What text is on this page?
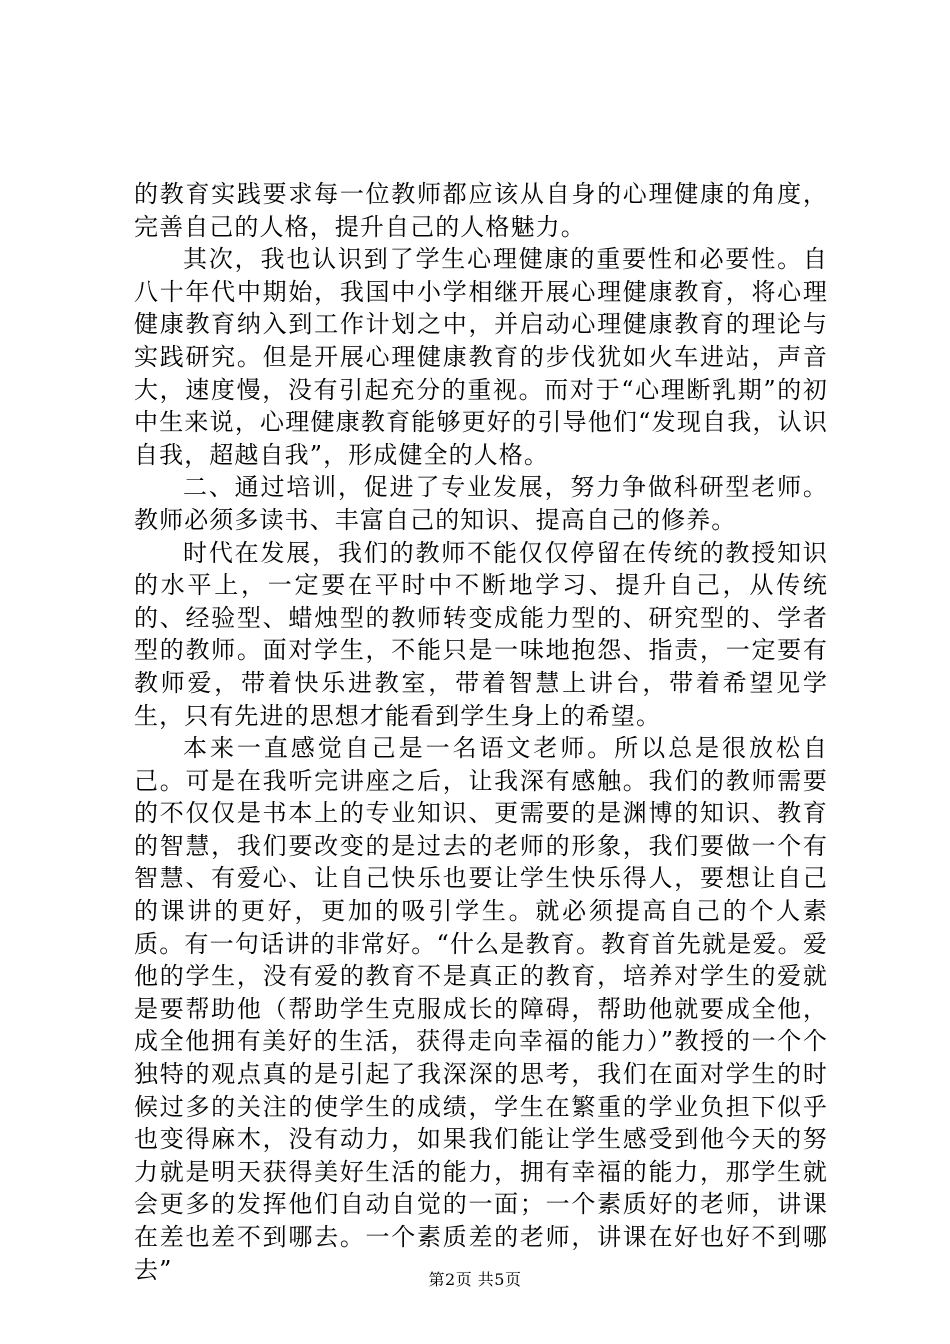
的教育实践要求每一位教师都应该从自身的心理健康的角度，完善自己的人格，提升自己的人格魅力。

其次，我也认识到了学生心理健康的重要性和必要性。自八十年代中期始，我国中小学相继开展心理健康教育，将心理健康教育纳入到工作计划之中，并启动心理健康教育的理论与实践研究。但是开展心理健康教育的步伐犹如火车进站，声音大，速度慢，没有引起充分的重视。而对于“心理断乳期”的初中生来说，心理健康教育能够更好的引导他们“发现自我，认识自我，超越自我”，形成健全的人格。

二、通过培训，促进了专业发展，努力争做科研型老师。教师必须多读书、丰富自己的知识、提高自己的修养。

时代在发展，我们的教师不能仅仅停留在传统的教授知识的水平上，一定要在平时中不断地学习、提升自己，从传统的、经验型、蜡烛型的教师转变成能力型的、研究型的、学者型的教师。面对学生，不能只是一味地抱怨、指责，一定要有教师爱，带着快乐进教室，带着智慧上讲台，带着希望见学生，只有先进的思想才能看到学生身上的希望。

本来一直感觉自己是一名语文老师。所以总是很放松自己。可是在我听完讲座之后，让我深有感触。我们的教师需要的不仅仅是书本上的专业知识、更需要的是渊博的知识、教育的智慧，我们要改变的是过去的老师的形象，我们要做一个有智慧、有爱心、让自己快乐也要让学生快乐得人，要想让自己的课讲的更好，更加的吸引学生。就必须提高自己的个人素质。有一句话讲的非常好。“什么是教育。教育首先就是爱。爱他的学生，没有爱的教育不是真正的教育，培养对学生的爱就是要帮助他（帮助学生克服成长的障碍，帮助他就要成全他，成全他拥有美好的生活，获得走向幸福的能力）”教授的一个个独特的观点真的是引起了我深深的思考，我们在面对学生的时候过多的关注的使学生的成绩，学生在繁重的学业负担下似乎也变得麻木，没有动力，如果我们能让学生感受到他今天的努力就是明天获得美好生活的能力，拥有幸福的能力，那学生就会更多的发挥他们自动自觉的一面；一个素质好的老师，讲课在差也差不到哪去。一个素质差的老师，讲课在好也好不到哪去”	第2页 共5页
